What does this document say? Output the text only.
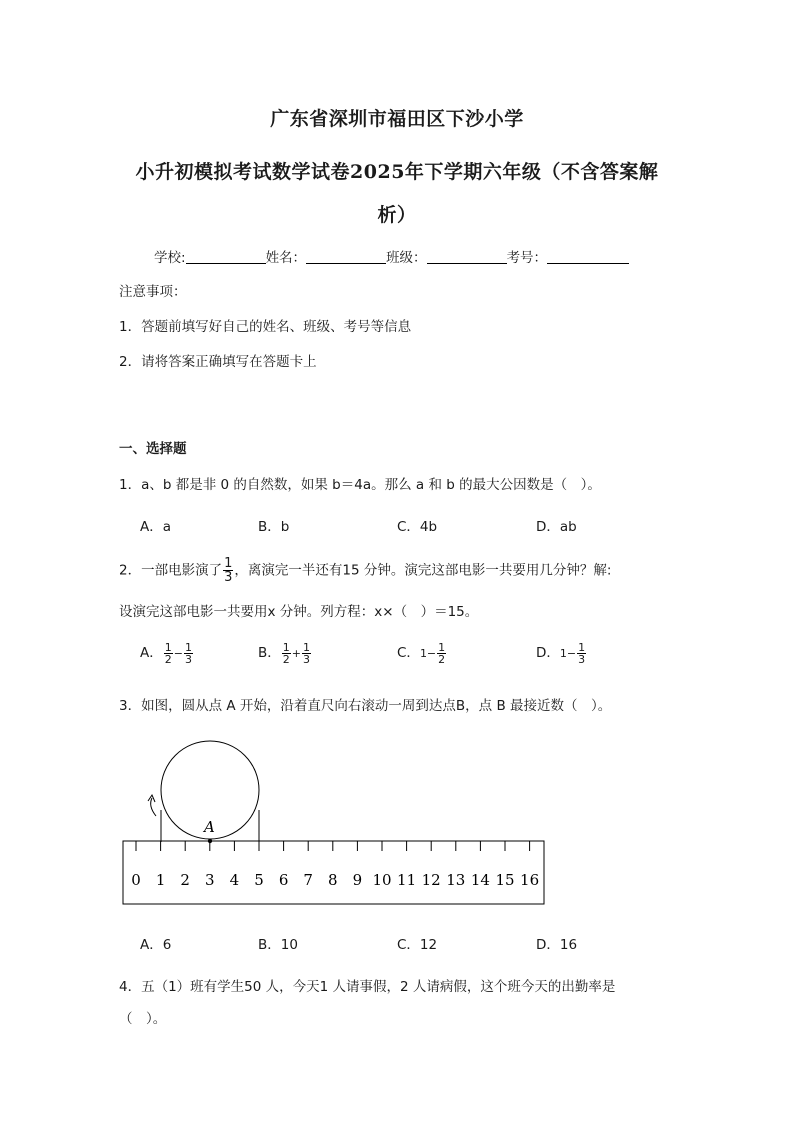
广东省深圳市福田区下沙小学
小升初模拟考试数学试卷2025年下学期六年级（不含答案解
析）
学校:	姓名：	班级：	考号：
注意事项：
1．答题前填写好自己的姓名、班级、考号等信息
2．请将答案正确填写在答题卡上
一、选择题
1．a、b 都是非 0 的自然数，如果 b＝4a。那么 a 和 b 的最大公因数是（　）。
A．a	B．b	C．4b	D．ab
2．一部电影演了 $\frac{1}{3}$ ，离演完一半还有15 分钟。演完这部电影一共要用几分钟？解:
设演完这部电影一共要用x 分钟。列方程：x×（　）＝15。
A． $\frac{1}{2} - \frac{1}{3}$	B． $\frac{1}{2} + \frac{1}{3}$	C．$1- \frac{1}{2}$	D．$1- \frac{1}{3}$
3．如图，圆从点 A 开始，沿着直尺向右滚动一周到达点B，点 B 最接近数（　）。
A
0 1 2 3 4 5 6 7 8 9 10 11 12 13 14 15 16
A．6	B．10	C．12	D．16
4．五（1）班有学生50 人，今天1 人请事假，2 人请病假，这个班今天的出勤率是
（　）。
